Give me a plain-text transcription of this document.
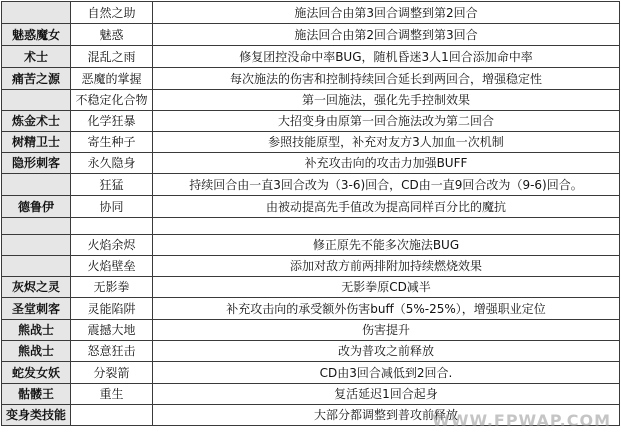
	自然之助	施法回合由第3回合调整到第2回合
魅惑魔女	魅惑	施法回合由第2回合调整到第3回合
术士	混乱之雨	修复团控没命中率BUG，随机昏迷3人1回合添加命中率
痛苦之源	恶魔的掌握	每次施法的伤害和控制持续回合延长到两回合，增强稳定性
	不稳定化合物	第一回施法，强化先手控制效果
炼金术士	化学狂暴	大招变身由原第一回合施法改为第二回合
树精卫士	寄生种子	参照技能原型，补充对友方3人加血一次机制
隐形刺客	永久隐身	补充攻击向的攻击力加强BUFF
	狂猛	持续回合由一直3回合改为（3-6)回合，CD由一直9回合改为（9-6)回合。
德鲁伊	协同	由被动提高先手值改为提高同样百分比的魔抗

	火焰余烬	修正原先不能多次施法BUG
	火焰壁垒	添加对敌方前两排附加持续燃烧效果
灰烬之灵	无影拳	无影拳原CD减半
圣堂刺客	灵能陷阱	补充攻击向的承受额外伤害buff（5%-25%），增强职业定位
熊战士	震撼大地	伤害提升
熊战士	怒意狂击	改为普攻之前释放
蛇发女妖	分裂箭	CD由3回合减低到2回合.
骷髅王	重生	复活延迟1回合起身
变身类技能		大部分都调整到普攻前释放
WWW.FPWAP.COM
